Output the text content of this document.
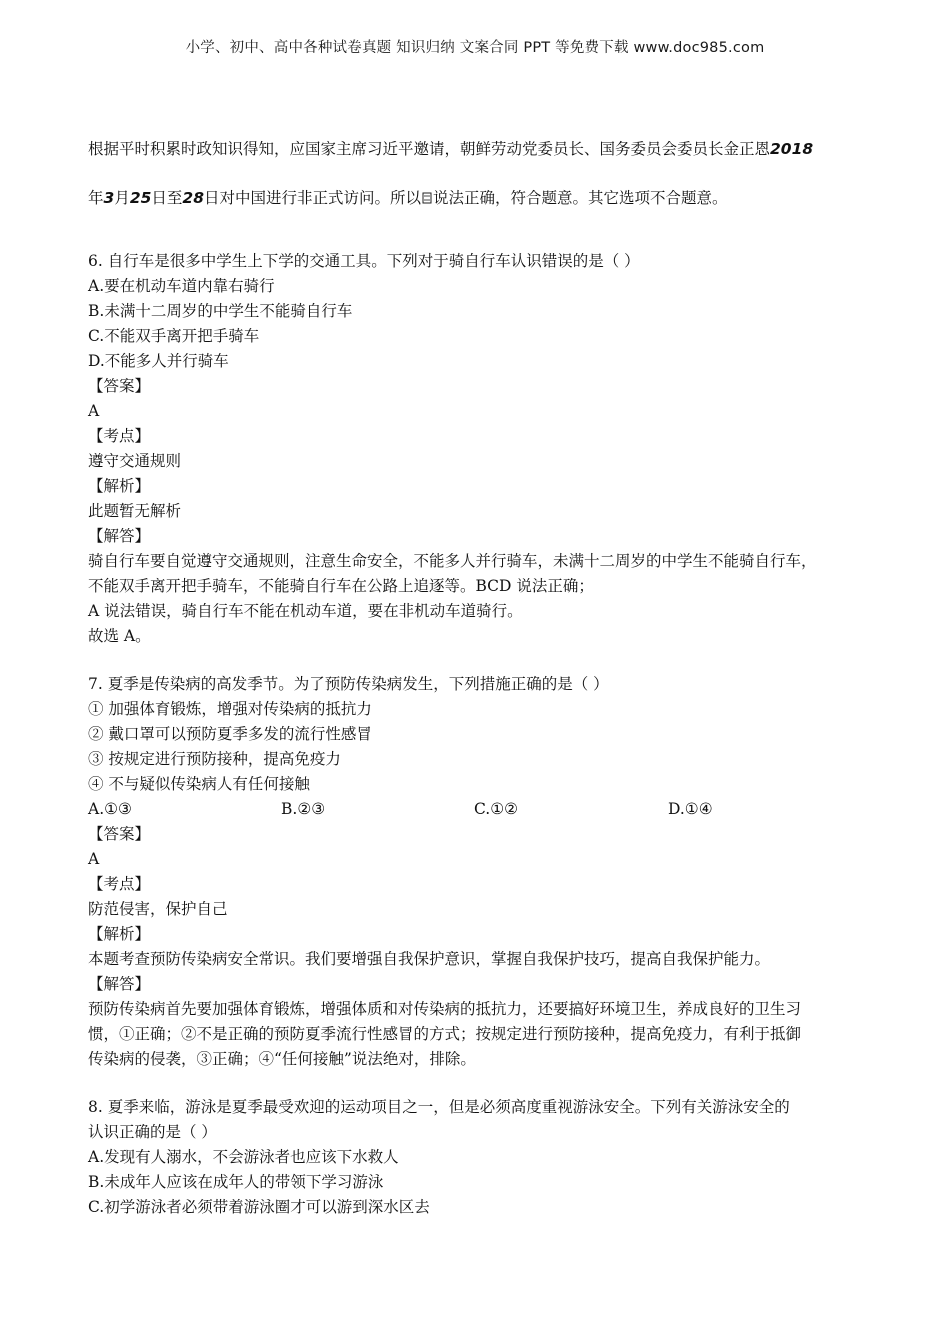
小学、初中、高中各种试卷真题 知识归纳 文案合同 PPT 等免费下载 www.doc985.com
根据平时积累时政知识得知，应国家主席习近平邀请，朝鲜劳动党委员长、国务委员会委员长金正恩2018
年3月25日至28日对中国进行非正式访问。所以 说法正确，符合题意。其它选项不合题意。
6. 自行车是很多中学生上下学的交通工具。下列对于骑自行车认识错误的是（ ）
A.要在机动车道内靠右骑行
B.未满十二周岁的中学生不能骑自行车
C.不能双手离开把手骑车
D.不能多人并行骑车
【答案】
A
【考点】
遵守交通规则
【解析】
此题暂无解析
【解答】
骑自行车要自觉遵守交通规则，注意生命安全，不能多人并行骑车，未满十二周岁的中学生不能骑自行车，
不能双手离开把手骑车，不能骑自行车在公路上追逐等。BCD 说法正确；
A 说法错误，骑自行车不能在机动车道，要在非机动车道骑行。
故选 A。
7. 夏季是传染病的高发季节。为了预防传染病发生，下列措施正确的是（ ）
① 加强体育锻炼，增强对传染病的抵抗力
② 戴口罩可以预防夏季多发的流行性感冒
③ 按规定进行预防接种，提高免疫力
④ 不与疑似传染病人有任何接触
A.①③	B.②③	C.①②	D.①④
【答案】
A
【考点】
防范侵害，保护自己
【解析】
本题考查预防传染病安全常识。我们要增强自我保护意识，掌握自我保护技巧，提高自我保护能力。
【解答】
预防传染病首先要加强体育锻炼，增强体质和对传染病的抵抗力，还要搞好环境卫生，养成良好的卫生习
惯，①正确；②不是正确的预防夏季流行性感冒的方式；按规定进行预防接种，提高免疫力，有利于抵御
传染病的侵袭，③正确；④“任何接触”说法绝对，排除。
8. 夏季来临，游泳是夏季最受欢迎的运动项目之一，但是必须高度重视游泳安全。下列有关游泳安全的
认识正确的是（ ）
A.发现有人溺水，不会游泳者也应该下水救人
B.未成年人应该在成年人的带领下学习游泳
C.初学游泳者必须带着游泳圈才可以游到深水区去
